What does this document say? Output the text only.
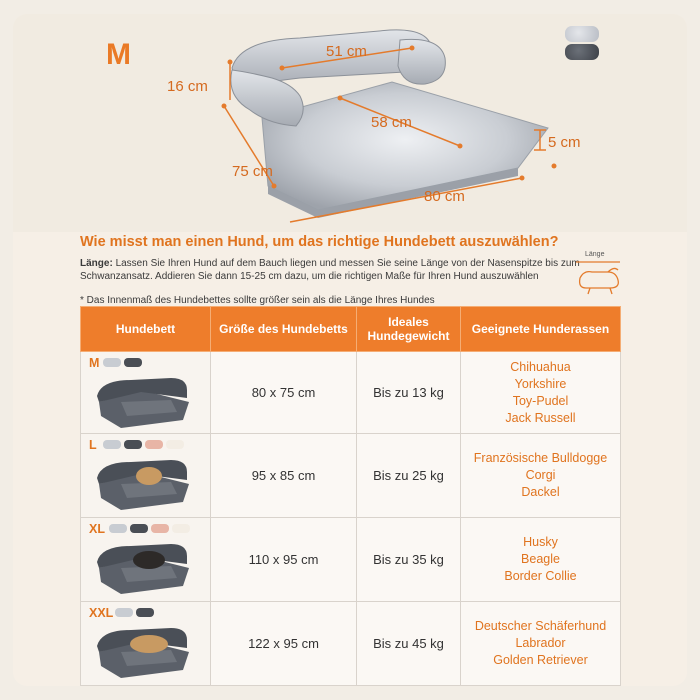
M	51 cm
58 cm
16 cm
5 cm
75 cm
80 cm
Wie misst man einen Hund, um das richtige Hundebett auszuwählen?
Länge: Lassen Sie Ihren Hund auf dem Bauch liegen und messen Sie seine Länge von der Nasenspitze bis zum Schwanzansatz. Addieren Sie dann 15-25 cm dazu, um die richtigen Maße für Ihren Hund auszuwählen
* Das Innenmaß des Hundebettes sollte größer sein als die Länge Ihres Hundes
Länge
Hundebett	Größe des Hundebetts	Ideales Hundegewicht	Geeignete Hunderassen

M	80 x 75 cm	Bis zu 13 kg	Chihuahua
Yorkshire
Toy-Pudel
Jack Russell

L	95 x 85 cm	Bis zu 25 kg	Französische Bulldogge
Corgi
Dackel

XL	110 x 95 cm	Bis zu 35 kg	Husky
Beagle
Border Collie

XXL	122 x 95 cm	Bis zu 45 kg	Deutscher Schäferhund
Labrador
Golden Retriever
